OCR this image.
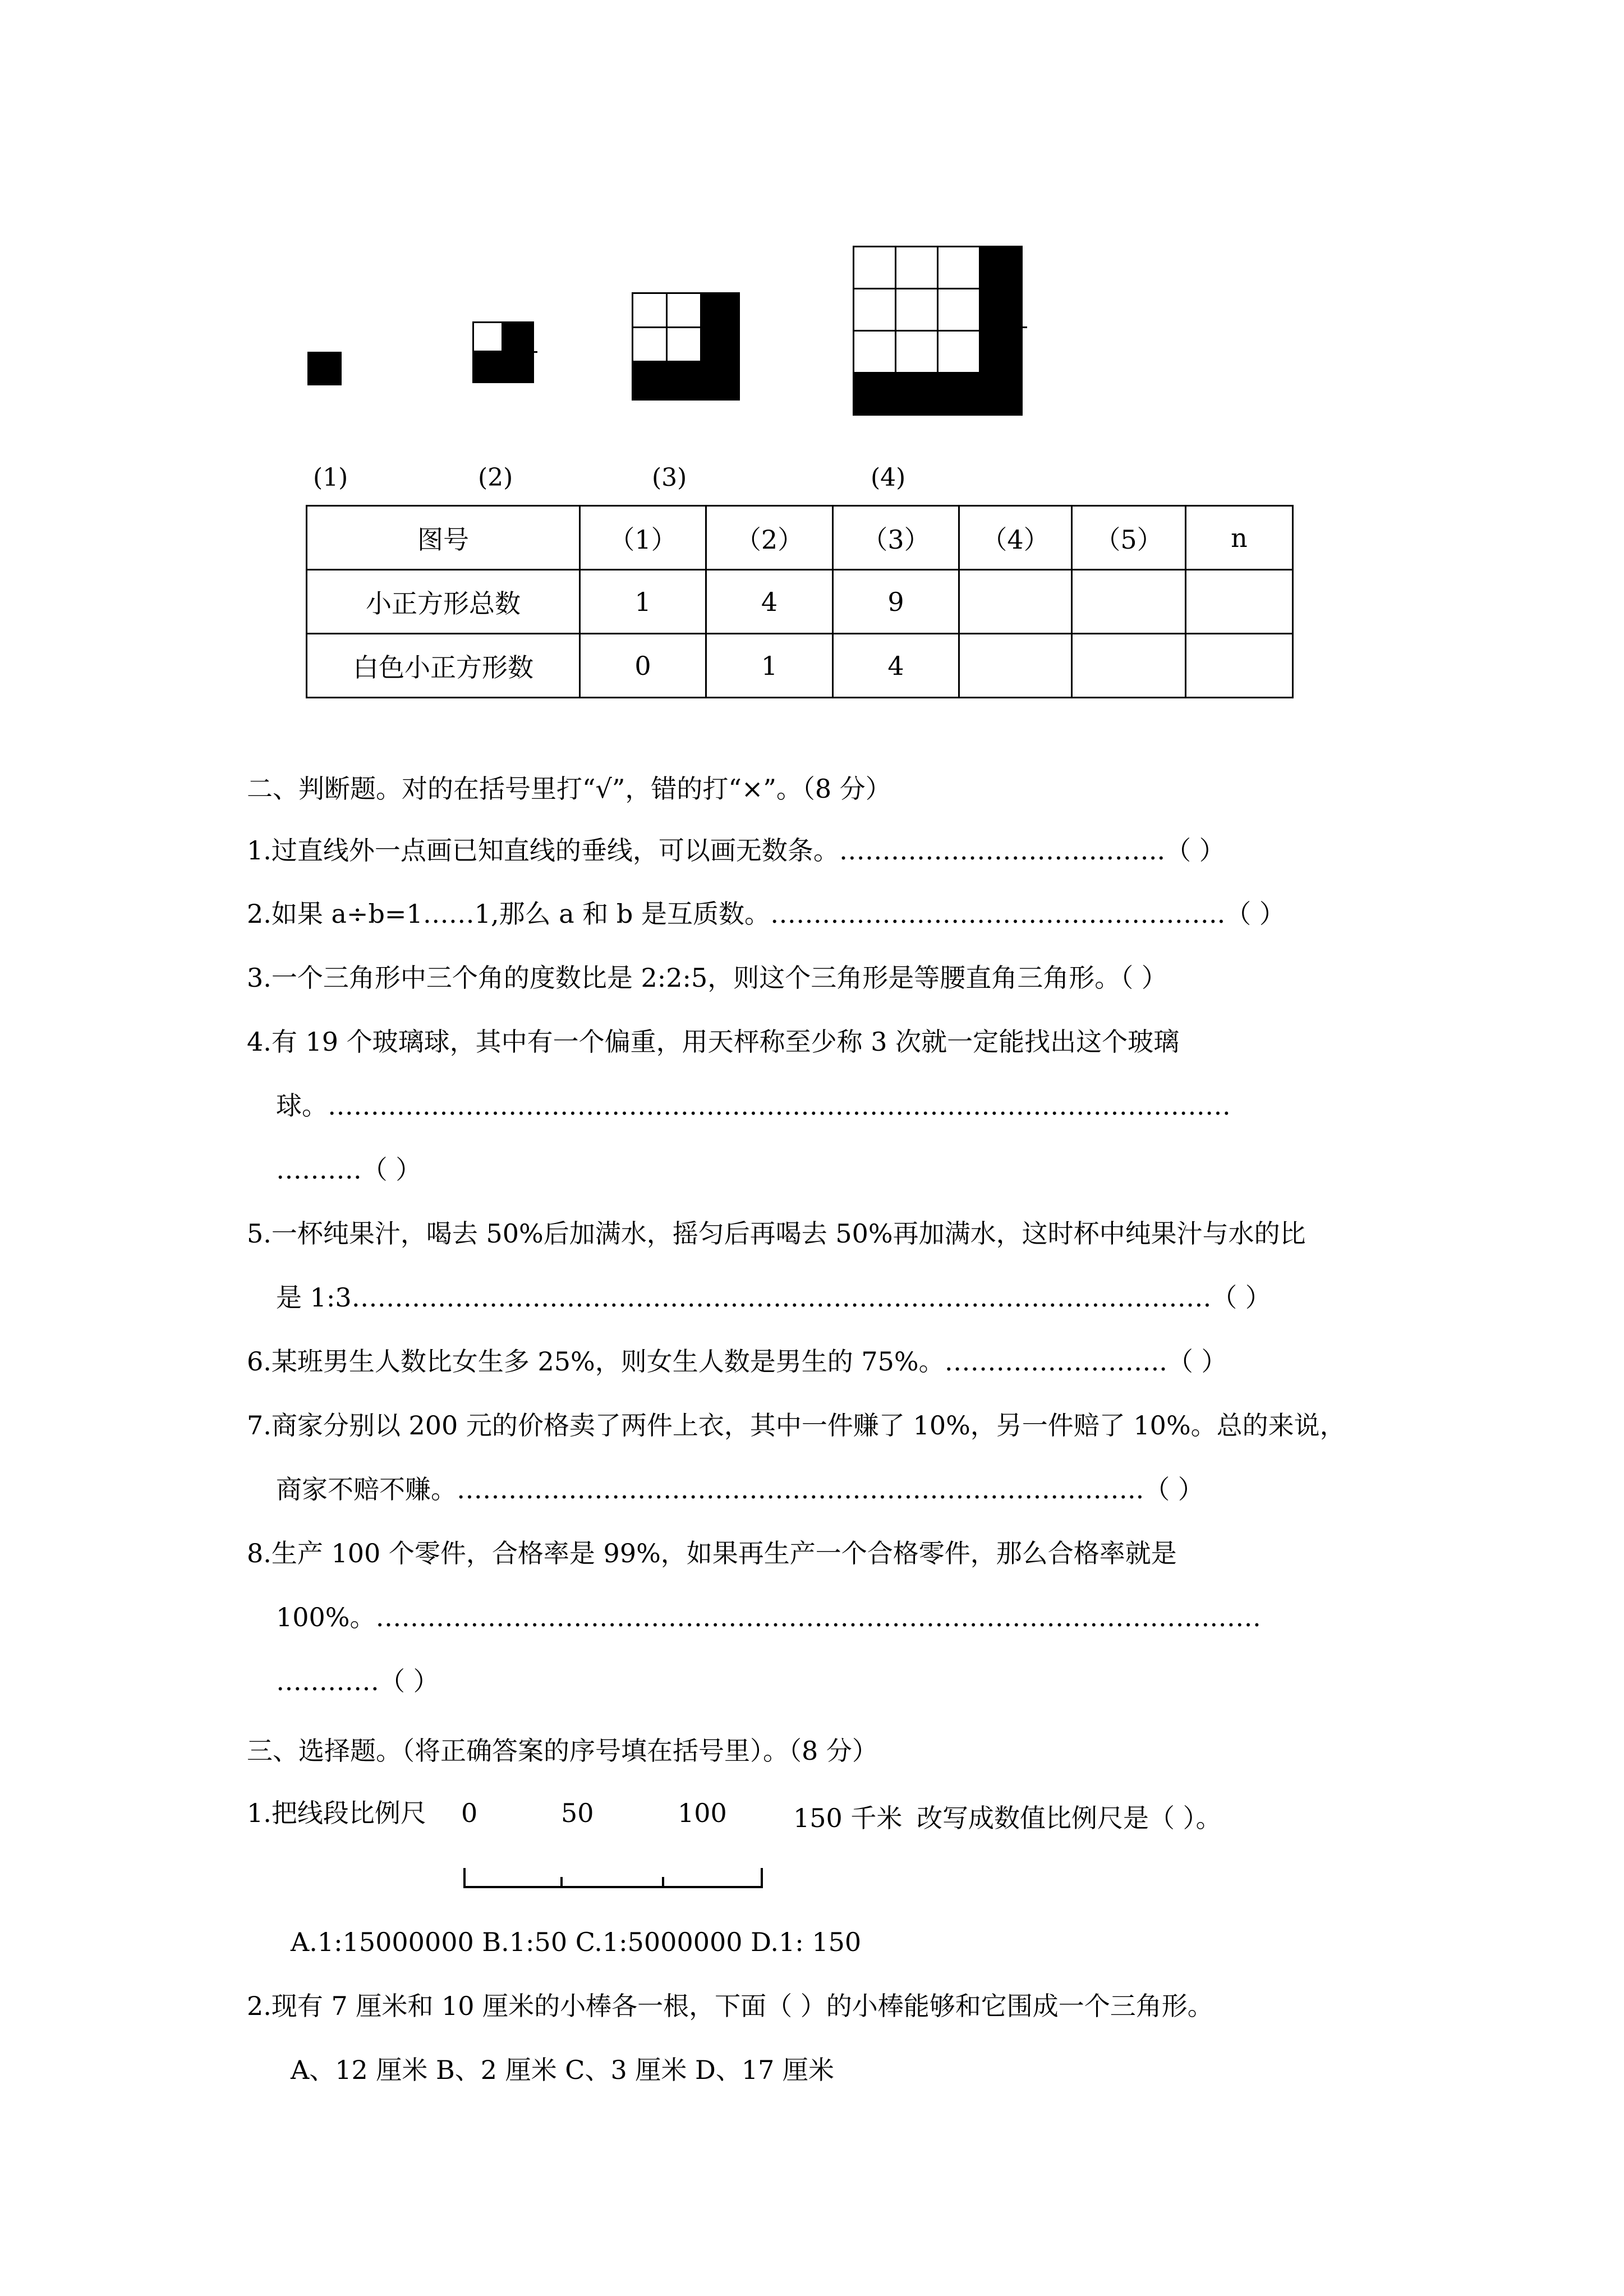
(1)	(2)	(3)	(4)
图号	（1）	（2）	（3）	（4）	（5）	n
小正方形总数	1	4	9			
白色小正方形数	0	1	4			
二、判断题。对的在括号里打“√”，错的打“×”。（8 分）
1.过直线外一点画已知直线的垂线，可以画无数条。………………………………..（ ）
2.如果 a÷b=1……1,那么 a 和 b 是互质数。……………………………………………..（ ）
3.一个三角形中三个角的度数比是 2:2:5，则这个三角形是等腰直角三角形。（ ）
4.有 19 个玻璃球，其中有一个偏重，用天枰称至少称 3 次就一定能找出这个玻璃
球。……………………………………………………………………………………………
……….（ ）
5.一杯纯果汁，喝去 50%后加满水，摇匀后再喝去 50%再加满水，这时杯中纯果汁与水的比
是 1:3……………………………………………………………………………………….（ ）
6.某班男生人数比女生多 25%，则女生人数是男生的 75%。……………………..（ ）
7.商家分别以 200 元的价格卖了两件上衣，其中一件赚了 10%，另一件赔了 10%。总的来说，
商家不赔不赚。……………………………………………………………………..（ ）
8.生产 100 个零件，合格率是 99%，如果再生产一个合格零件，那么合格率就是
100%。…………………………………………………………………………………….……
…………（ ）
三、选择题。（将正确答案的序号填在括号里）。（8 分）
1.把线段比例尺 0	50	100	150 千米 改写成数值比例尺是（ ）。
A.1:15000000 B.1:50 C.1:5000000 D.1: 150
2.现有 7 厘米和 10 厘米的小棒各一根，下面（ ）的小棒能够和它围成一个三角形。
A、12 厘米 B、2 厘米 C、3 厘米 D、17 厘米
